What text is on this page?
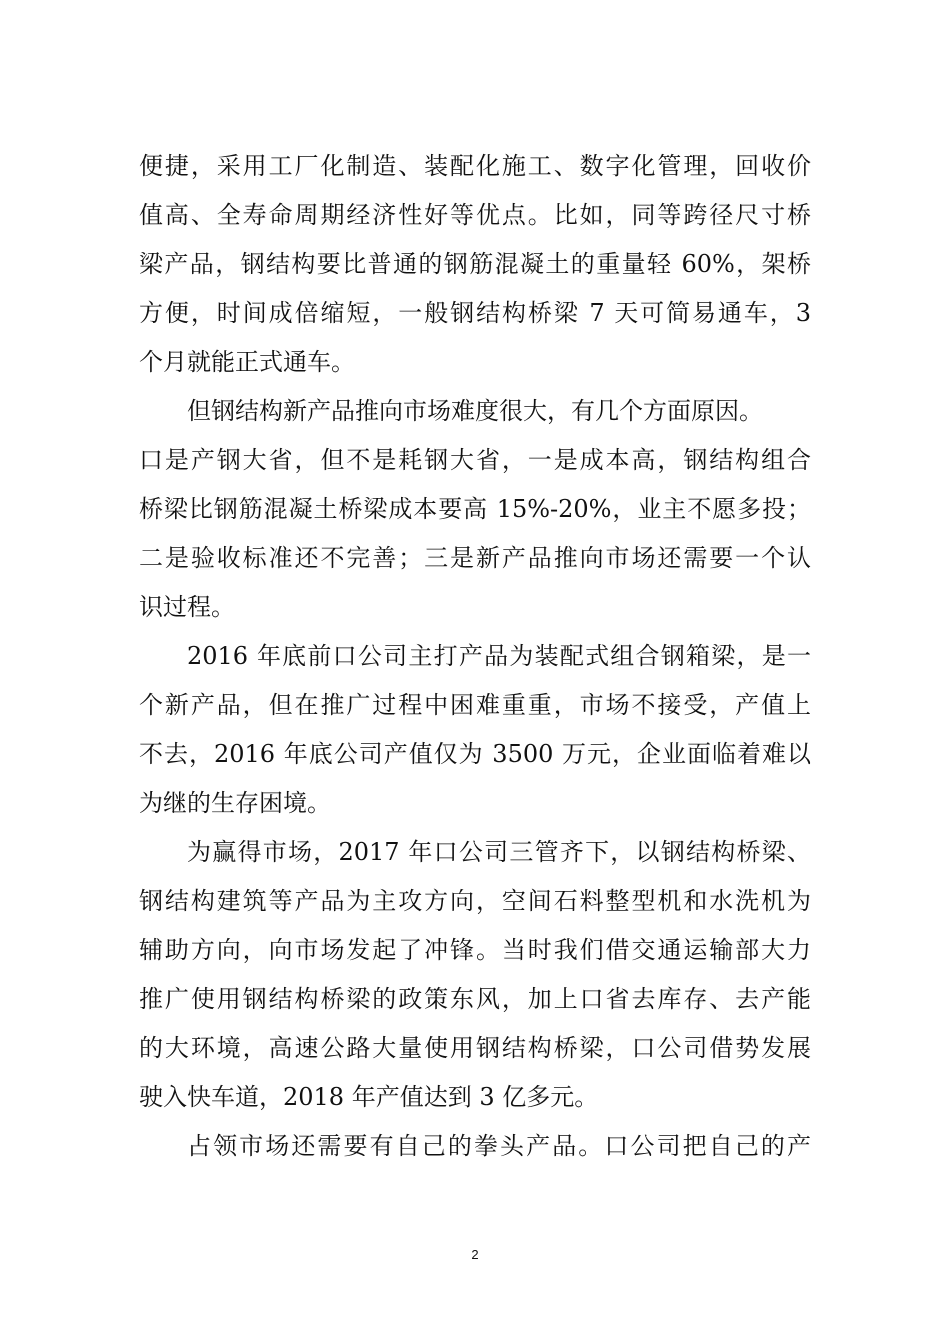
便捷，采用工厂化制造、装配化施工、数字化管理，回收价
值高、全寿命周期经济性好等优点。比如，同等跨径尺寸桥
梁产品，钢结构要比普通的钢筋混凝土的重量轻 60%，架桥
方便，时间成倍缩短，一般钢结构桥梁 7 天可简易通车，3
个月就能正式通车。
但钢结构新产品推向市场难度很大，有几个方面原因。
口是产钢大省，但不是耗钢大省，一是成本高，钢结构组合
桥梁比钢筋混凝土桥梁成本要高 15%-20%，业主不愿多投；
二是验收标准还不完善；三是新产品推向市场还需要一个认
识过程。
2016 年底前口公司主打产品为装配式组合钢箱梁，是一
个新产品，但在推广过程中困难重重，市场不接受，产值上
不去，2016 年底公司产值仅为 3500 万元，企业面临着难以
为继的生存困境。
为赢得市场，2017 年口公司三管齐下，以钢结构桥梁、
钢结构建筑等产品为主攻方向，空间石料整型机和水洗机为
辅助方向，向市场发起了冲锋。当时我们借交通运输部大力
推广使用钢结构桥梁的政策东风，加上口省去库存、去产能
的大环境，高速公路大量使用钢结构桥梁，口公司借势发展
驶入快车道，2018 年产值达到 3 亿多元。
占领市场还需要有自己的拳头产品。口公司把自己的产
2
